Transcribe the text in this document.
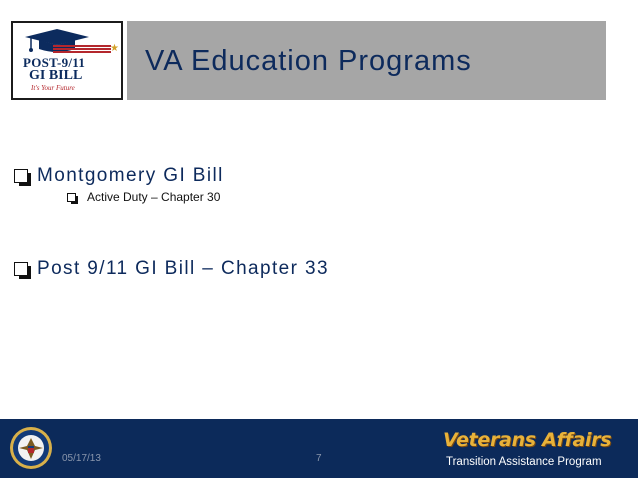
★
POST-9/11
GI BILL
It's Your Future
VA Education Programs
Montgomery GI Bill
Active Duty – Chapter 30
Post 9/11 GI Bill – Chapter 33
05/17/13	7
Veterans Affairs
Transition Assistance Program
